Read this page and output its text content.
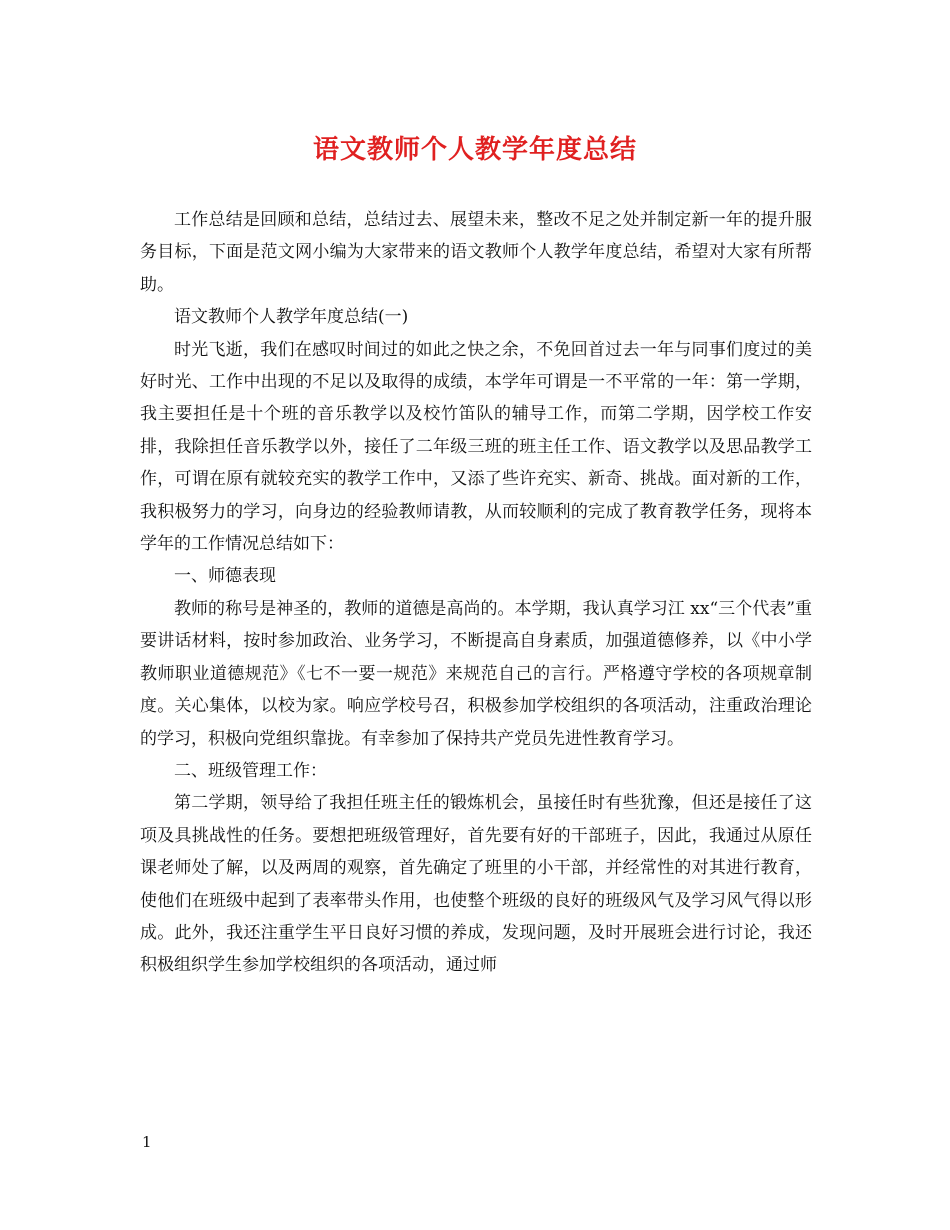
语文教师个人教学年度总结

工作总结是回顾和总结，总结过去、展望未来，整改不足之处并制定新一年的提升服务目标，下面是范文网小编为大家带来的语文教师个人教学年度总结，希望对大家有所帮助。

语文教师个人教学年度总结(一)

时光飞逝，我们在感叹时间过的如此之快之余，不免回首过去一年与同事们度过的美好时光、工作中出现的不足以及取得的成绩，本学年可谓是一不平常的一年：第一学期，我主要担任是十个班的音乐教学以及校竹笛队的辅导工作，而第二学期，因学校工作安排，我除担任音乐教学以外，接任了二年级三班的班主任工作、语文教学以及思品教学工作，可谓在原有就较充实的教学工作中，又添了些许充实、新奇、挑战。面对新的工作，我积极努力的学习，向身边的经验教师请教，从而较顺利的完成了教育教学任务，现将本学年的工作情况总结如下：

一、师德表现

教师的称号是神圣的，教师的道德是高尚的。本学期，我认真学习江 xx“三个代表”重要讲话材料，按时参加政治、业务学习，不断提高自身素质，加强道德修养，以《中小学教师职业道德规范》《七不一要一规范》来规范自己的言行。严格遵守学校的各项规章制度。关心集体，以校为家。响应学校号召，积极参加学校组织的各项活动，注重政治理论的学习，积极向党组织靠拢。有幸参加了保持共产党员先进性教育学习。

二、班级管理工作：

第二学期，领导给了我担任班主任的锻炼机会，虽接任时有些犹豫，但还是接任了这项及具挑战性的任务。要想把班级管理好，首先要有好的干部班子，因此，我通过从原任课老师处了解，以及两周的观察，首先确定了班里的小干部，并经常性的对其进行教育，使他们在班级中起到了表率带头作用，也使整个班级的良好的班级风气及学习风气得以形成。此外，我还注重学生平日良好习惯的养成，发现问题，及时开展班会进行讨论，我还积极组织学生参加学校组织的各项活动，通过师

1
